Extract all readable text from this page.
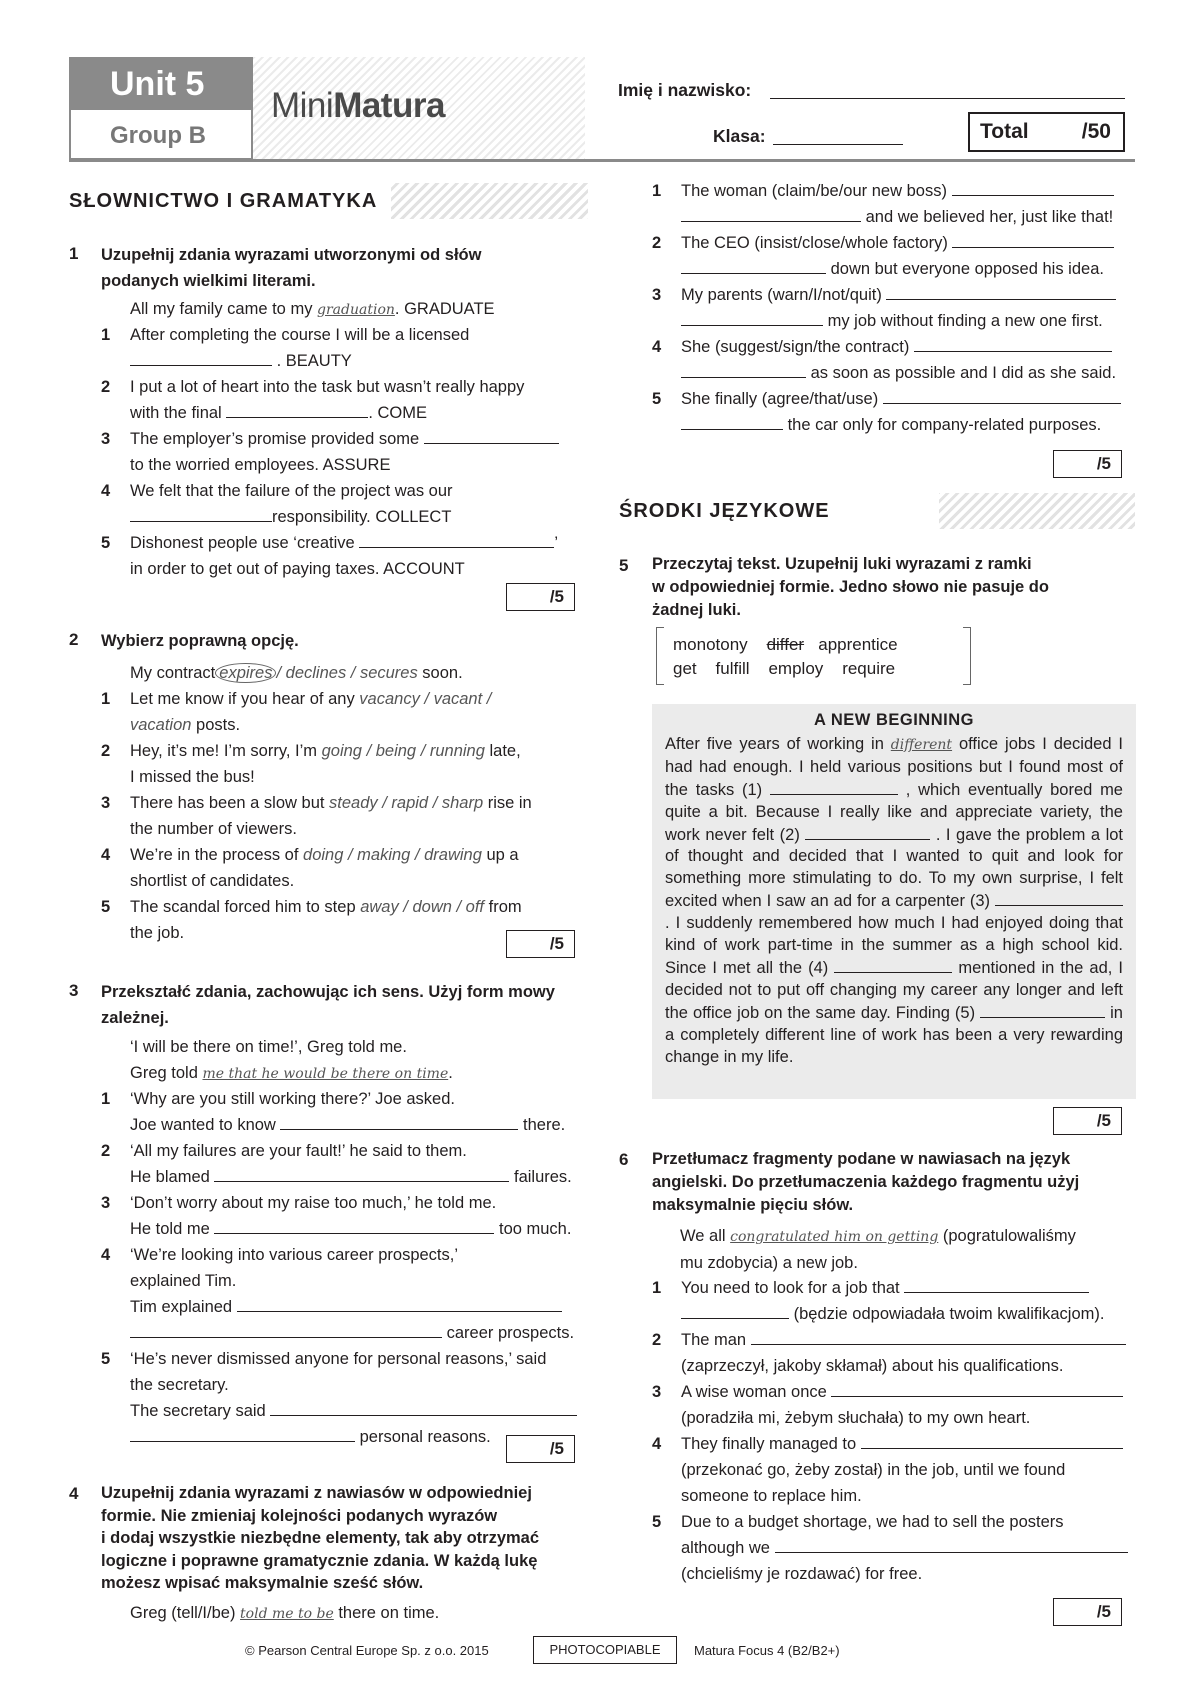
Unit 5
Group B
MiniMatura	Imię i nazwisko:
Klasa:	Total	/50
SŁOWNICTWO I GRAMATYKA
1 Uzupełnij zdania wyrazami utworzonymi od słów
podanych wielkimi literami.
All my family came to my graduation. GRADUATE
1 After completing the course I will be a licensed
. BEAUTY
2 I put a lot of heart into the task but wasn’t really happy
with the final	. COME
3 The employer’s promise provided some
to the worried employees. ASSURE
4 We felt that the failure of the project was our
responsibility. COLLECT
5 Dishonest people use ‘creative	’
in order to get out of paying taxes. ACCOUNT
/5
2 Wybierz poprawną opcję.
My contract expires / declines / secures soon.
1 Let me know if you hear of any vacancy / vacant /
vacation posts.
2 Hey, it’s me! I’m sorry, I’m going / being / running late,
I missed the bus!
3 There has been a slow but steady / rapid / sharp rise in
the number of viewers.
4 We’re in the process of doing / making / drawing up a
shortlist of candidates.
5 The scandal forced him to step away / down / off from
the job.
/5
3 Przekształć zdania, zachowując ich sens. Użyj form mowy
zależnej.
‘I will be there on time!’, Greg told me.
Greg told me that he would be there on time.
1 ‘Why are you still working there?’ Joe asked.
Joe wanted to know	there.
2 ‘All my failures are your fault!’ he said to them.
He blamed	failures.
3 ‘Don’t worry about my raise too much,’ he told me.
He told me	too much.
4 ‘We’re looking into various career prospects,’
explained Tim.
Tim explained
career prospects.
5 ‘He’s never dismissed anyone for personal reasons,’ said
the secretary.
The secretary said
personal reasons.
/5
4 Uzupełnij zdania wyrazami z nawiasów w odpowiedniej
formie. Nie zmieniaj kolejności podanych wyrazów
i dodaj wszystkie niezbędne elementy, tak aby otrzymać
logiczne i poprawne gramatycznie zdania. W każdą lukę
możesz wpisać maksymalnie sześć słów.
Greg (tell/I/be) told me to be there on time.
1 The woman (claim/be/our new boss)
and we believed her, just like that!
2 The CEO (insist/close/whole factory)
down but everyone opposed his idea.
3 My parents (warn/I/not/quit)
my job without finding a new one first.
4 She (suggest/sign/the contract)
as soon as possible and I did as she said.
5 She finally (agree/that/use)
the car only for company-related purposes.
/5
ŚRODKI JĘZYKOWE
5 Przeczytaj tekst. Uzupełnij luki wyrazami z ramki
w odpowiedniej formie. Jedno słowo nie pasuje do
żadnej luki.
monotony differ apprentice
get fulfill employ require
A NEW BEGINNING
After five years of working in different office jobs I decided I had had enough. I held various positions but I found most of the tasks (1)	, which eventually bored me quite a bit. Because I really like and appreciate variety, the work never felt (2)	. I gave the problem a lot of thought and decided that I wanted to quit and look for something more stimulating to do. To my own surprise, I felt excited when I saw an ad for a carpenter (3)  . I suddenly remembered how much I had enjoyed doing that kind of work part-time in the summer as a high school kid. Since I met all the (4)	mentioned in the ad, I decided not to put off changing my career any longer and left the office job on the same day. Finding (5)	in a completely different line of work has been a very rewarding change in my life.
/5
6 Przetłumacz fragmenty podane w nawiasach na język
angielski. Do przetłumaczenia każdego fragmentu użyj
maksymalnie pięciu słów.
We all congratulated him on getting (pogratulowaliśmy
mu zdobycia) a new job.
1 You need to look for a job that
(będzie odpowiadała twoim kwalifikacjom).
2 The man
(zaprzeczył, jakoby skłamał) about his qualifications.
3 A wise woman once
(poradziła mi, żebym słuchała) to my own heart.
4 They finally managed to
(przekonać go, żeby został) in the job, until we found
someone to replace him.
5 Due to a budget shortage, we had to sell the posters
although we
(chcieliśmy je rozdawać) for free.
/5
© Pearson Central Europe Sp. z o.o. 2015	PHOTOCOPIABLE	Matura Focus 4 (B2/B2+)
